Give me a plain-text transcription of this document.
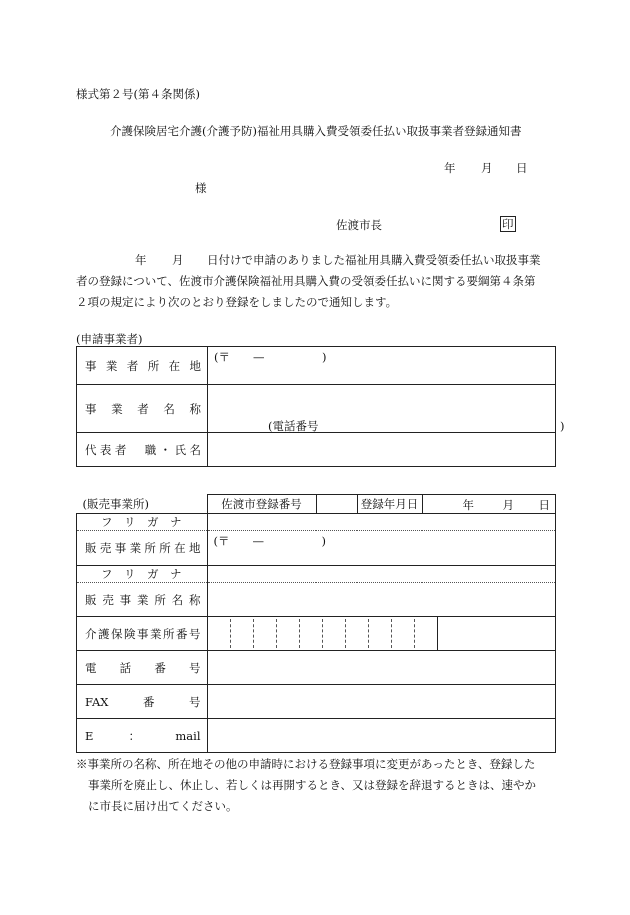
様式第２号(第４条関係)
介護保険居宅介護(介護予防)福祉用具購入費受領委任払い取扱事業者登録通知書
年 月 日
様
佐渡市長	印
年 月 日付けで申請のありました福祉用具購入費受領委任払い取扱事業
者の登録について、佐渡市介護保険福祉用具購入費の受領委任払いに関する要綱第４条第
２項の規定により次のとおり登録をしましたので通知します。
(申請事業者)
事業者所在地	(〒　　—　　　　　)

事業者名称	(電話番号　　　　　　　　　　　　　　　　　　　　　)

代表者　職・氏名	

(販売事業所)	佐渡市登録番号		登録年月日	年 月 日

フ　リ　ガ　ナ				

販売事業所所在地	(〒　　—　　　　　)			

フ　リ　ガ　ナ				

販売事業所名称				

介護保険事業所番号				

電話番号				

FAX番号				

E：mail				

※事業所の名称、所在地その他の申請時における登録事項に変更があったとき、登録した
事業所を廃止し、休止し、若しくは再開するとき、又は登録を辞退するときは、速やか
に市長に届け出てください。
